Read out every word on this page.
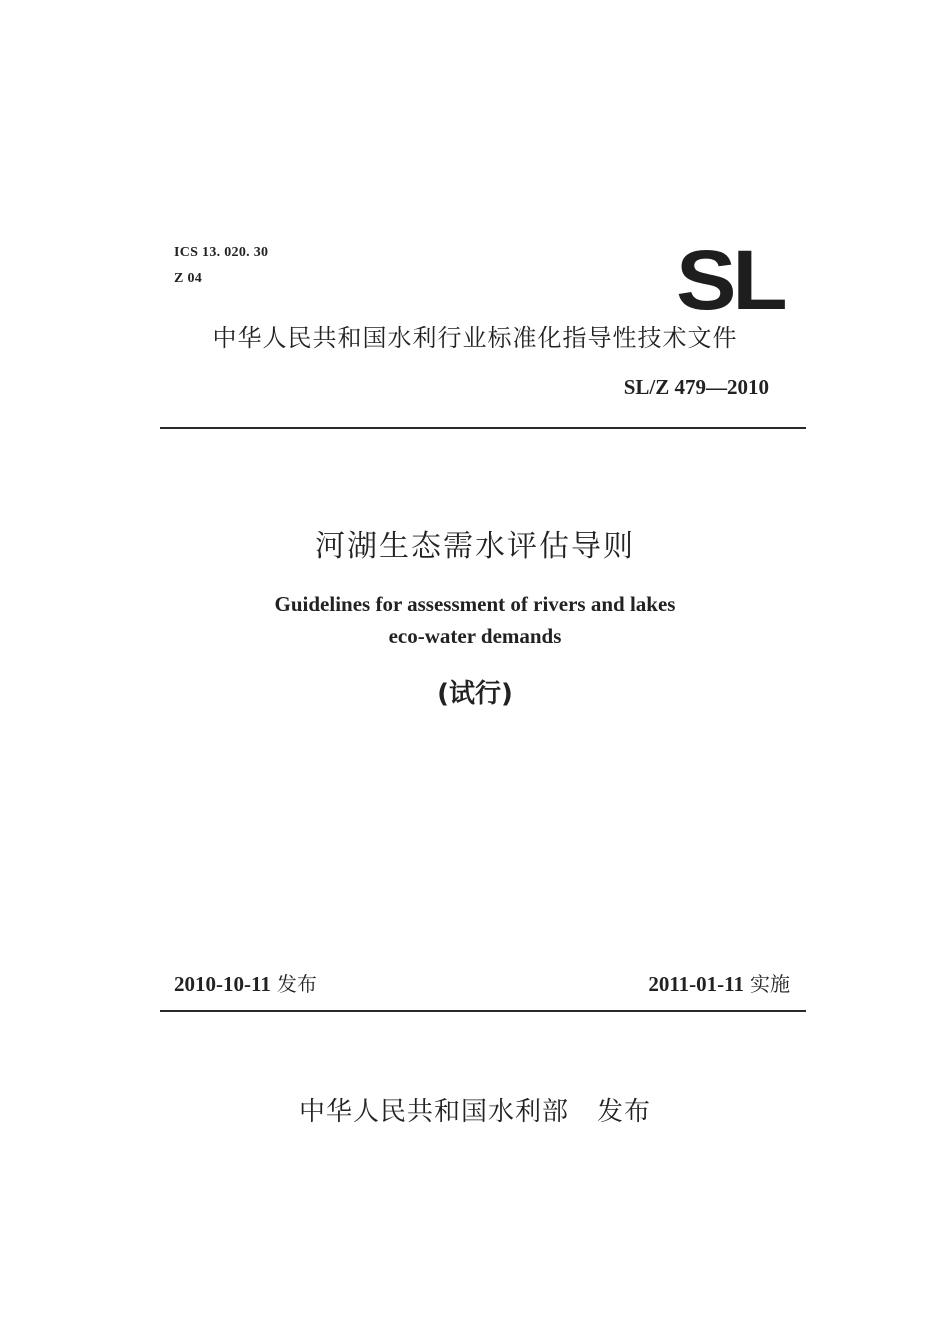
ICS 13. 020. 30
Z 04	SL
中华人民共和国水利行业标准化指导性技术文件
SL/Z 479—2010
河湖生态需水评估导则
Guidelines for assessment of rivers and lakes
eco-water demands
(试行)
2010-10-11 发布	2011-01-11 实施
中华人民共和国水利部 发布
